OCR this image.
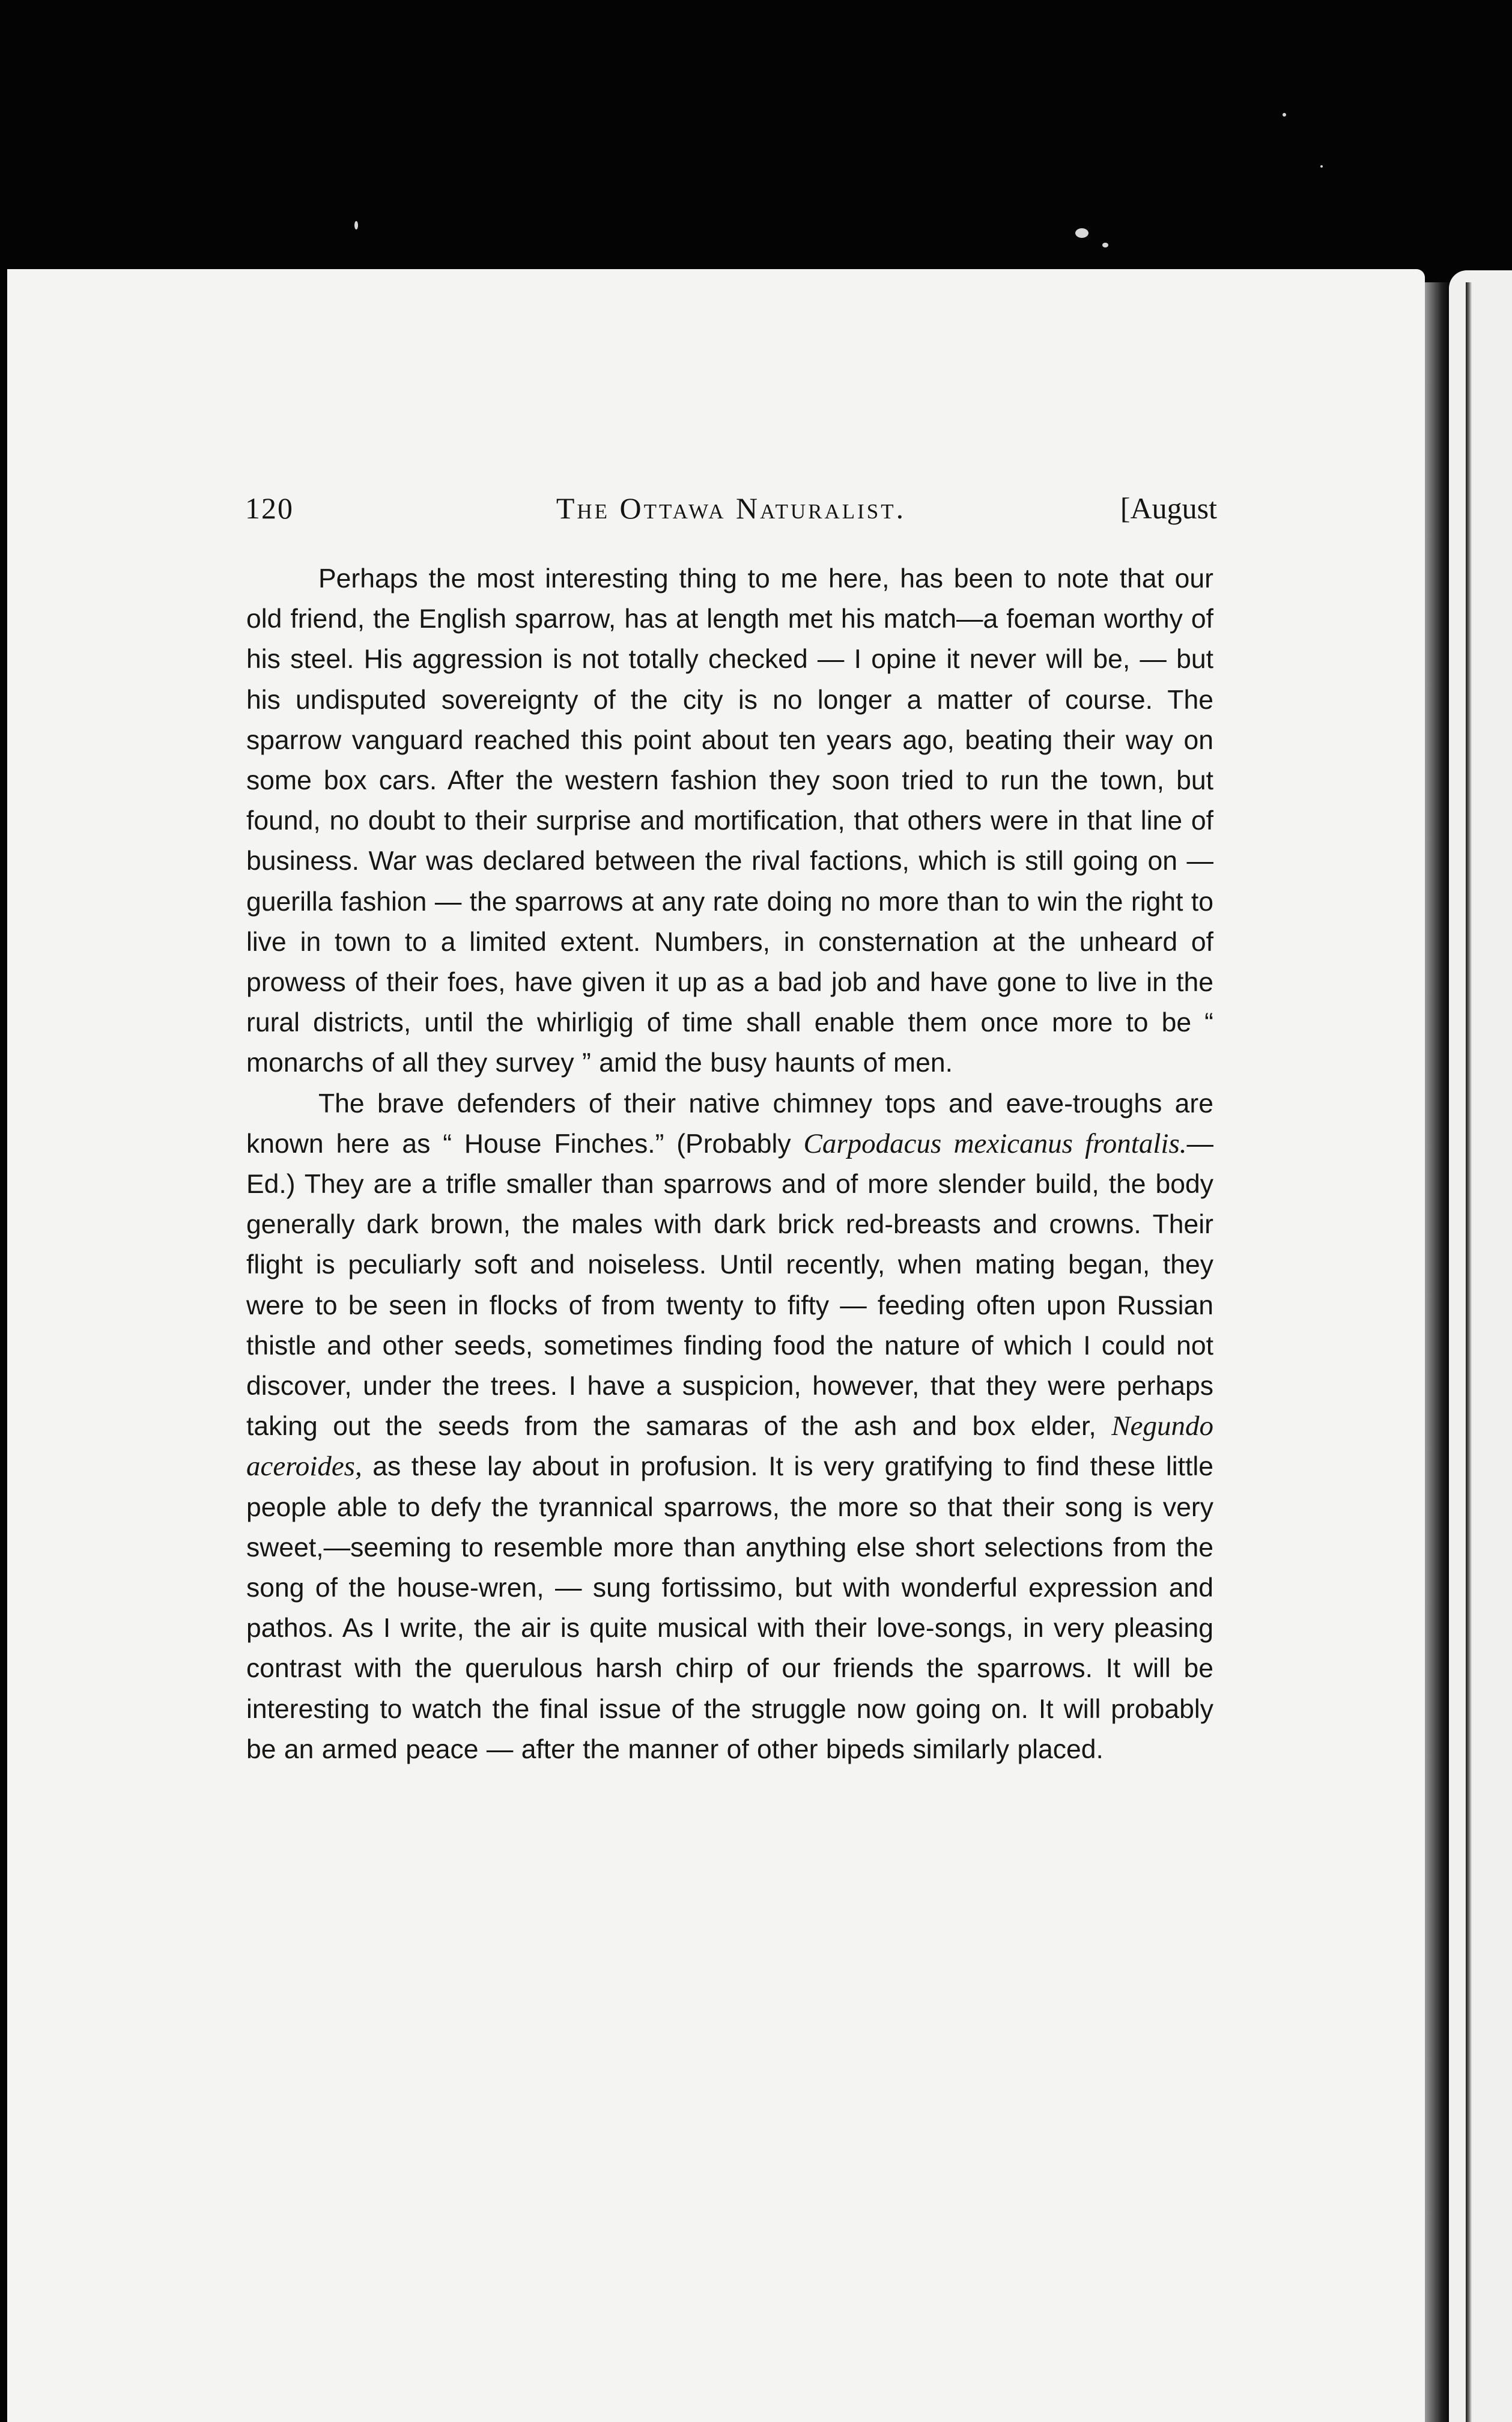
120	The Ottawa Naturalist.	[August

Perhaps the most interesting thing to me here, has been to note that our old friend, the English sparrow, has at length met his match—a foeman worthy of his steel. His aggression is not totally checked — I opine it never will be, — but his undisputed sovereignty of the city is no longer a matter of course. The sparrow vanguard reached this point about ten years ago, beating their way on some box cars. After the western fashion they soon tried to run the town, but found, no doubt to their surprise and mortification, that others were in that line of business. War was declared between the rival factions, which is still going on — guerilla fashion — the sparrows at any rate doing no more than to win the right to live in town to a limited extent. Numbers, in consternation at the unheard of prowess of their foes, have given it up as a bad job and have gone to live in the rural districts, until the whirligig of time shall enable them once more to be “ monarchs of all they survey ” amid the busy haunts of men.

The brave defenders of their native chimney tops and eave-troughs are known here as “ House Finches.” (Probably Carpodacus mexicanus frontalis.— Ed.) They are a trifle smaller than sparrows and of more slender build, the body generally dark brown, the males with dark brick red-breasts and crowns. Their flight is peculiarly soft and noiseless. Until recently, when mating began, they were to be seen in flocks of from twenty to fifty — feeding often upon Russian thistle and other seeds, sometimes finding food the nature of which I could not discover, under the trees. I have a suspicion, however, that they were perhaps taking out the seeds from the samaras of the ash and box elder, Negundo aceroides, as these lay about in profusion. It is very gratifying to find these little people able to defy the tyrannical sparrows, the more so that their song is very sweet,—seeming to resemble more than anything else short selections from the song of the house-wren, — sung fortissimo, but with wonderful expression and pathos. As I write, the air is quite musical with their love-songs, in very pleasing contrast with the querulous harsh chirp of our friends the sparrows. It will be interesting to watch the final issue of the struggle now going on. It will probably be an armed peace — after the manner of other bipeds similarly placed.
